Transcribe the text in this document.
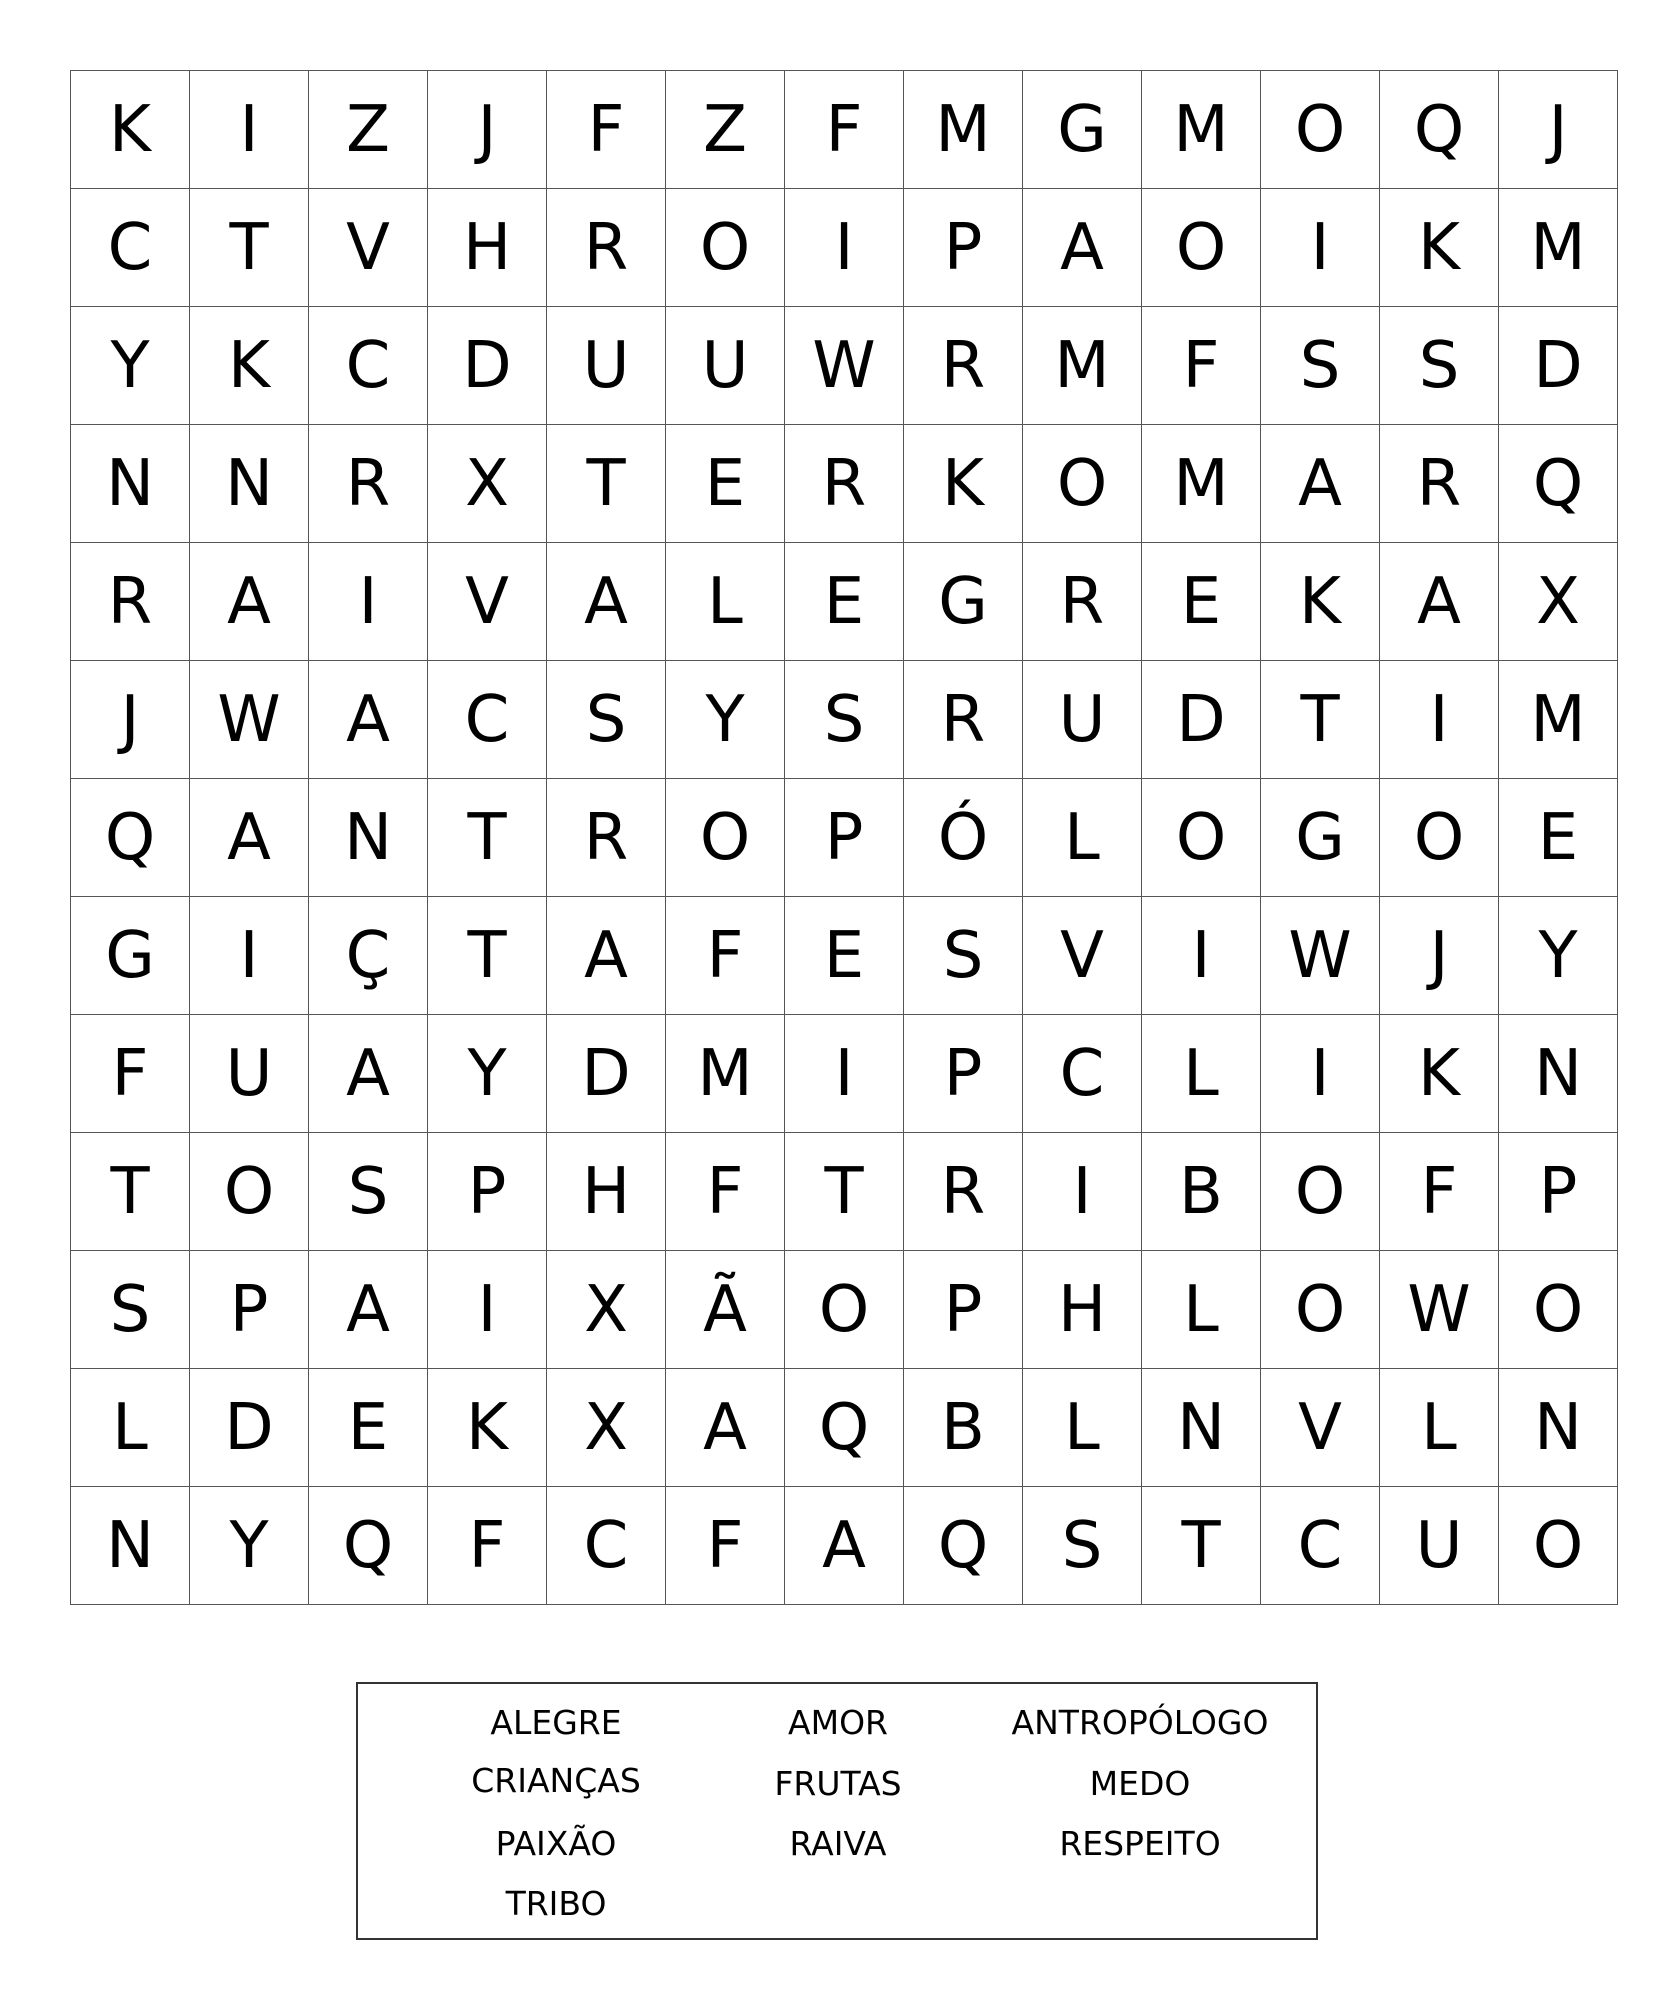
K	I	Z	J	F	Z	F	M	G	M	O	Q	J
C	T	V	H	R	O	I	P	A	O	I	K	M
Y	K	C	D	U	U	W	R	M	F	S	S	D
N	N	R	X	T	E	R	K	O	M	A	R	Q
R	A	I	V	A	L	E	G	R	E	K	A	X
J	W	A	C	S	Y	S	R	U	D	T	I	M
Q	A	N	T	R	O	P	Ó	L	O	G	O	E
G	I	Ç	T	A	F	E	S	V	I	W	J	Y
F	U	A	Y	D	M	I	P	C	L	I	K	N
T	O	S	P	H	F	T	R	I	B	O	F	P
S	P	A	I	X	Ã	O	P	H	L	O	W	O
L	D	E	K	X	A	Q	B	L	N	V	L	N
N	Y	Q	F	C	F	A	Q	S	T	C	U	O
ALEGRE	AMOR	ANTROPÓLOGO
CRIANÇAS	FRUTAS	MEDO
PAIXÃO	RAIVA	RESPEITO
TRIBO
